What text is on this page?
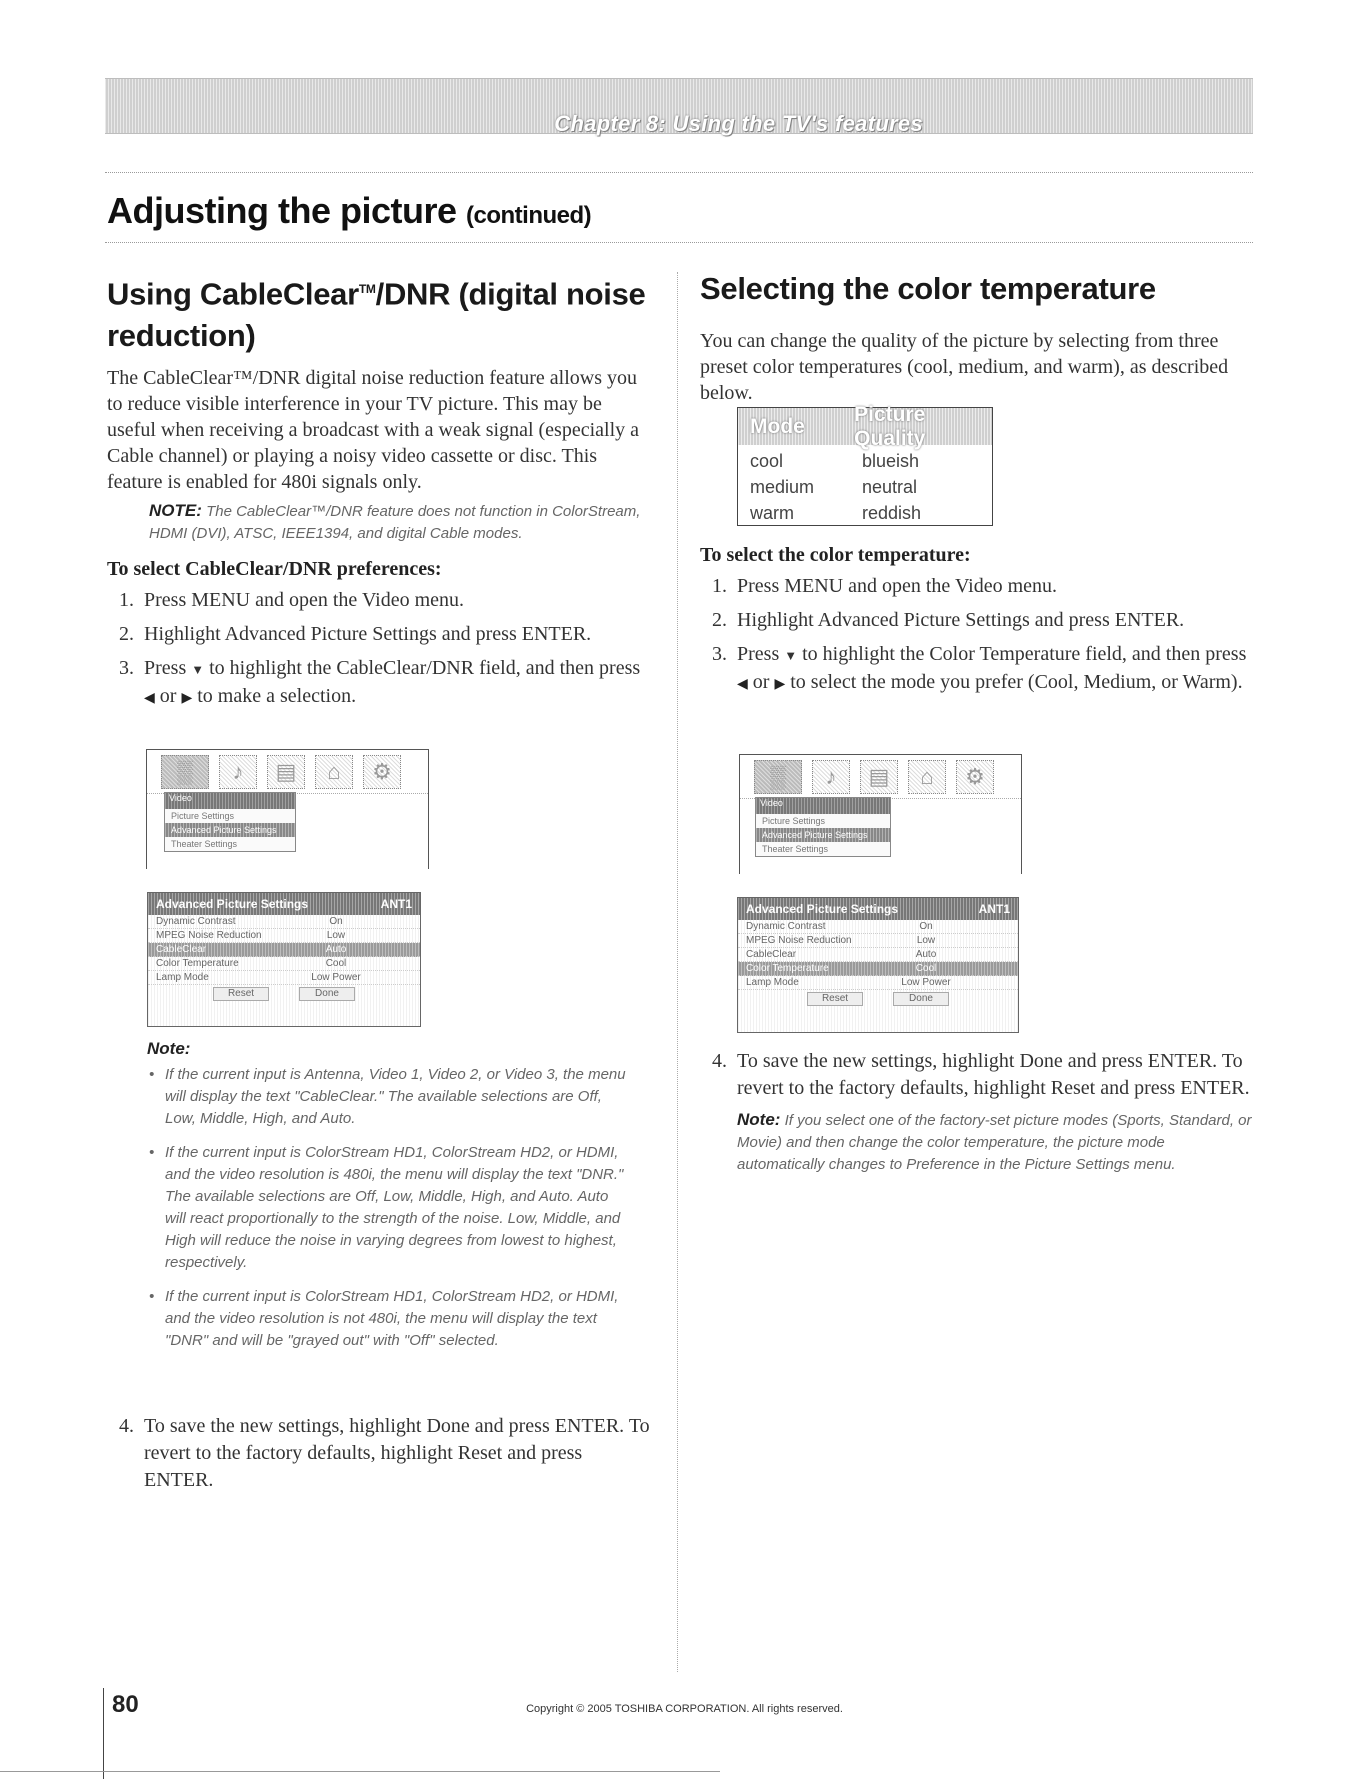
Chapter 8: Using the TV's features
Adjusting the picture (continued)
Using CableClear™/DNR (digital noise reduction)

The CableClear™/DNR digital noise reduction feature allows you to reduce visible interference in your TV picture. This may be useful when receiving a broadcast with a weak signal (especially a Cable channel) or playing a noisy video cassette or disc. This feature is enabled for 480i signals only.

NOTE: The CableClear™/DNR feature does not function in ColorStream, HDMI (DVI), ATSC, IEEE1394, and digital Cable modes.

To select CableClear/DNR preferences:

1. Press MENU and open the Video menu.
2. Highlight Advanced Picture Settings and press ENTER.
3. Press ▼ to highlight the CableClear/DNR field, and then press ◀ or ▶ to make a selection.
▒	♪	▤	⌂	⚙
Video
Picture Settings
Advanced Picture Settings
Theater Settings
Advanced Picture Settings	ANT1
Dynamic Contrast	On
MPEG Noise Reduction	Low
CableClear	Auto
Color Temperature	Cool
Lamp Mode	Low Power
Reset	Done

Note:

• If the current input is Antenna, Video 1, Video 2, or Video 3, the menu will display the text "CableClear." The available selections are Off, Low, Middle, High, and Auto.
• If the current input is ColorStream HD1, ColorStream HD2, or HDMI, and the video resolution is 480i, the menu will display the text "DNR." The available selections are Off, Low, Middle, High, and Auto. Auto will react proportionally to the strength of the noise. Low, Middle, and High will reduce the noise in varying degrees from lowest to highest, respectively.
• If the current input is ColorStream HD1, ColorStream HD2, or HDMI, and the video resolution is not 480i, the menu will display the text "DNR" and will be "grayed out" with "Off" selected.
4. To save the new settings, highlight Done and press ENTER. To revert to the factory defaults, highlight Reset and press ENTER.
Selecting the color temperature

You can change the quality of the picture by selecting from three preset color temperatures (cool, medium, and warm), as described below.

Mode
Picture Quality
cool	blueish
medium	neutral
warm	reddish

To select the color temperature:

1. Press MENU and open the Video menu.
2. Highlight Advanced Picture Settings and press ENTER.
3. Press ▼ to highlight the Color Temperature field, and then press ◀ or ▶ to select the mode you prefer (Cool, Medium, or Warm).
▒	♪	▤	⌂	⚙
Video
Picture Settings
Advanced Picture Settings
Theater Settings
Advanced Picture Settings	ANT1
Dynamic Contrast	On
MPEG Noise Reduction	Low
CableClear	Auto
Color Temperature	Cool
Lamp Mode	Low Power
Reset	Done
4. To save the new settings, highlight Done and press ENTER. To revert to the factory defaults, highlight Reset and press ENTER.

Note: If you select one of the factory-set picture modes (Sports, Standard, or Movie) and then change the color temperature, the picture mode automatically changes to Preference in the Picture Settings menu.

80	Copyright © 2005 TOSHIBA CORPORATION. All rights reserved.
